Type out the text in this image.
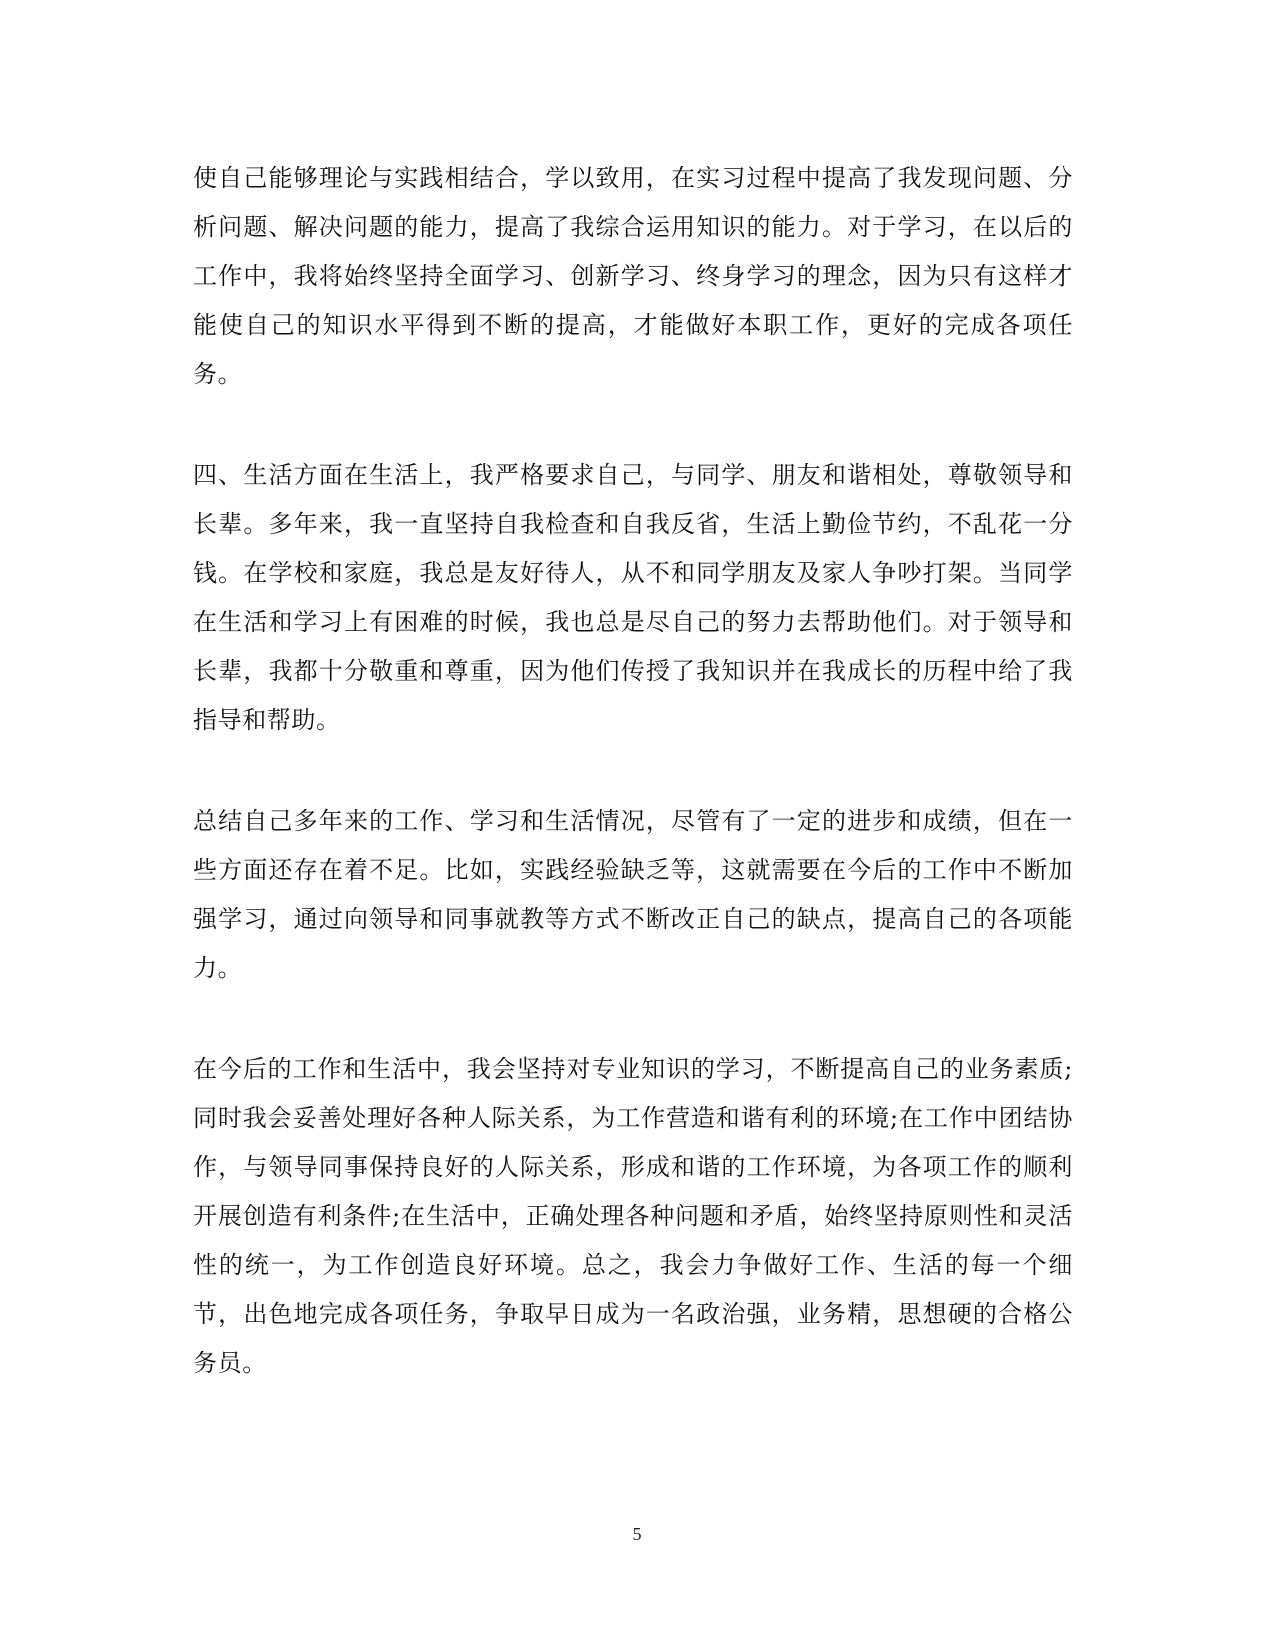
使自己能够理论与实践相结合，学以致用，在实习过程中提高了我发现问题、分析问题、解决问题的能力，提高了我综合运用知识的能力。对于学习，在以后的工作中，我将始终坚持全面学习、创新学习、终身学习的理念，因为只有这样才能使自己的知识水平得到不断的提高，才能做好本职工作，更好的完成各项任务。

四、生活方面在生活上，我严格要求自己，与同学、朋友和谐相处，尊敬领导和长辈。多年来，我一直坚持自我检查和自我反省，生活上勤俭节约，不乱花一分钱。在学校和家庭，我总是友好待人，从不和同学朋友及家人争吵打架。当同学在生活和学习上有困难的时候，我也总是尽自己的努力去帮助他们。对于领导和长辈，我都十分敬重和尊重，因为他们传授了我知识并在我成长的历程中给了我指导和帮助。

总结自己多年来的工作、学习和生活情况，尽管有了一定的进步和成绩，但在一些方面还存在着不足。比如，实践经验缺乏等，这就需要在今后的工作中不断加强学习，通过向领导和同事就教等方式不断改正自己的缺点，提高自己的各项能力。

在今后的工作和生活中，我会坚持对专业知识的学习，不断提高自己的业务素质;同时我会妥善处理好各种人际关系，为工作营造和谐有利的环境;在工作中团结协作，与领导同事保持良好的人际关系，形成和谐的工作环境，为各项工作的顺利开展创造有利条件;在生活中，正确处理各种问题和矛盾，始终坚持原则性和灵活性的统一，为工作创造良好环境。总之，我会力争做好工作、生活的每一个细节，出色地完成各项任务，争取早日成为一名政治强，业务精，思想硬的合格公务员。

5
